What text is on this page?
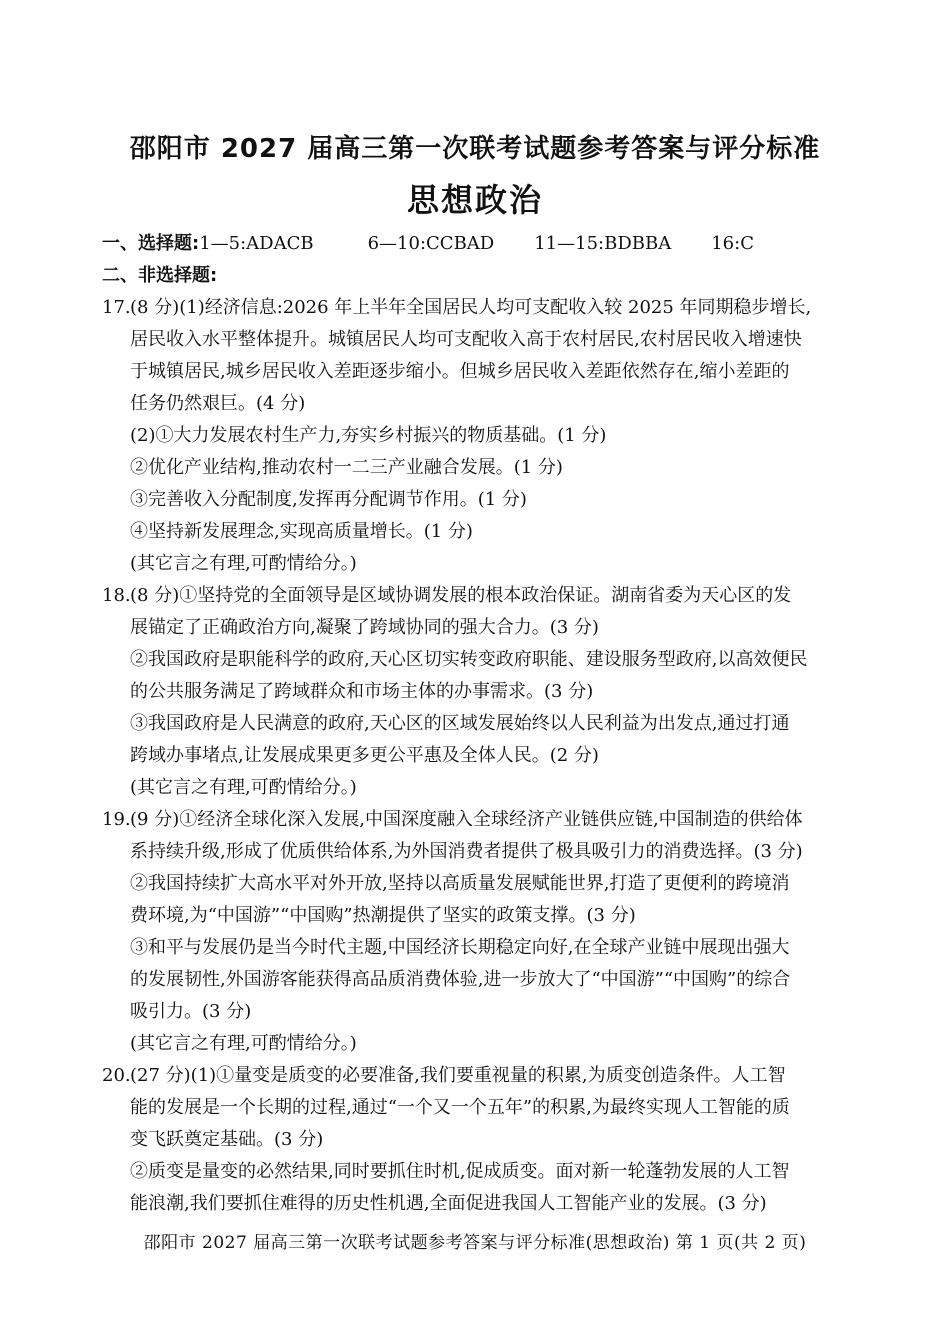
邵阳市 2027 届高三第一次联考试题参考答案与评分标准
思想政治
一、选择题: 1—5:ADACB	6—10:CCBAD 11—15:BDBBA 16:C
二、非选择题:
17. (8 分)(1)经济信息:2026 年上半年全国居民人均可支配收入较 2025 年同期稳步增长,
居民收入水平整体提升。城镇居民人均可支配收入高于农村居民,农村居民收入增速快
于城镇居民,城乡居民收入差距逐步缩小。但城乡居民收入差距依然存在,缩小差距的
任务仍然艰巨。(4 分)
(2)①大力发展农村生产力,夯实乡村振兴的物质基础。(1 分)
②优化产业结构,推动农村一二三产业融合发展。(1 分)
③完善收入分配制度,发挥再分配调节作用。(1 分)
④坚持新发展理念,实现高质量增长。(1 分)
(其它言之有理,可酌情给分。)
18. (8 分)①坚持党的全面领导是区域协调发展的根本政治保证。湖南省委为天心区的发
展锚定了正确政治方向,凝聚了跨域协同的强大合力。(3 分)
②我国政府是职能科学的政府,天心区切实转变政府职能、建设服务型政府,以高效便民
的公共服务满足了跨域群众和市场主体的办事需求。(3 分)
③我国政府是人民满意的政府,天心区的区域发展始终以人民利益为出发点,通过打通
跨域办事堵点,让发展成果更多更公平惠及全体人民。(2 分)
(其它言之有理,可酌情给分。)
19. (9 分)①经济全球化深入发展,中国深度融入全球经济产业链供应链,中国制造的供给体
系持续升级,形成了优质供给体系,为外国消费者提供了极具吸引力的消费选择。(3 分)
②我国持续扩大高水平对外开放,坚持以高质量发展赋能世界,打造了更便利的跨境消
费环境,为“中国游”“中国购”热潮提供了坚实的政策支撑。(3 分)
③和平与发展仍是当今时代主题,中国经济长期稳定向好,在全球产业链中展现出强大
的发展韧性,外国游客能获得高品质消费体验,进一步放大了“中国游”“中国购”的综合
吸引力。(3 分)
(其它言之有理,可酌情给分。)
20. (27 分)(1)①量变是质变的必要准备,我们要重视量的积累,为质变创造条件。人工智
能的发展是一个长期的过程,通过“一个又一个五年”的积累,为最终实现人工智能的质
变飞跃奠定基础。(3 分)
②质变是量变的必然结果,同时要抓住时机,促成质变。面对新一轮蓬勃发展的人工智
能浪潮,我们要抓住难得的历史性机遇,全面促进我国人工智能产业的发展。(3 分)
邵阳市 2027 届高三第一次联考试题参考答案与评分标准(思想政治) 第 1 页(共 2 页)
